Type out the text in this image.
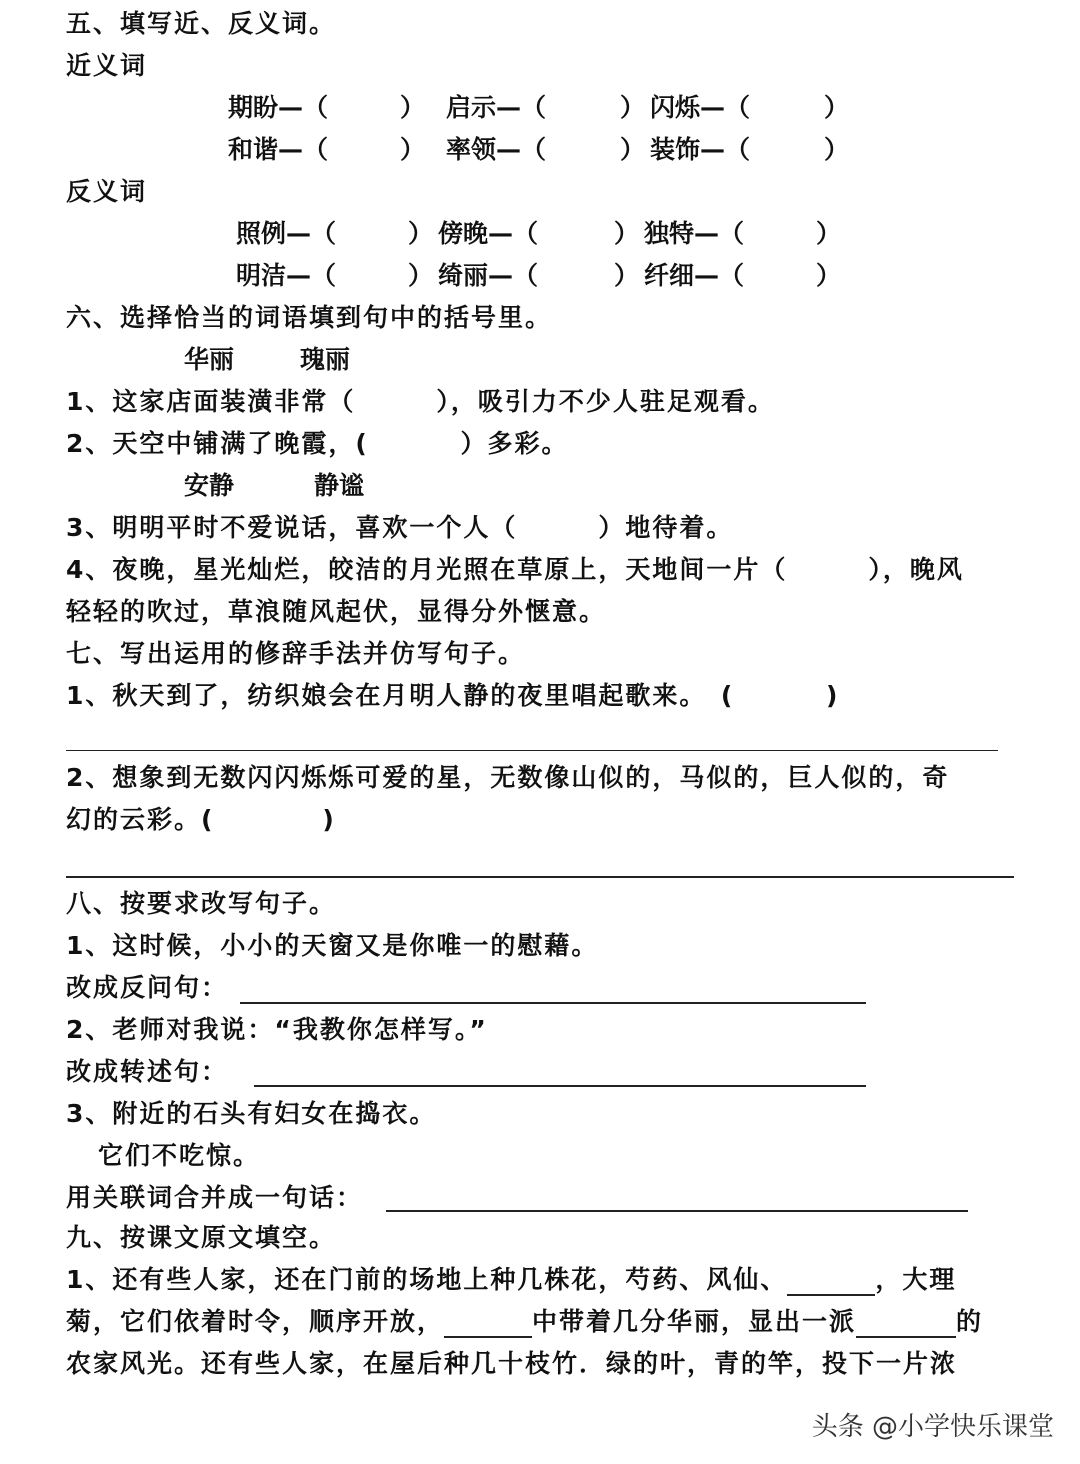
五、填写近、反义词。
近义词
期盼—（	） 启示—（	） 闪烁—（	）
和谐—（	） 率领—（	） 装饰—（	）
反义词
照例—（	） 傍晚—（	） 独特—（	）
明洁—（	） 绮丽—（	） 纤细—（	）
六、选择恰当的词语填到句中的括号里。
华丽	瑰丽
1、这家店面装潢非常（　　　），吸引力不少人驻足观看。
2、天空中铺满了晚霞，(　　　 ）多彩。
安静	静谧
3、明明平时不爱说话，喜欢一个人（　　　）地待着。
4、夜晚，星光灿烂，皎洁的月光照在草原上，天地间一片（　　　），晚风
轻轻的吹过，草浪随风起伏，显得分外惬意。
七、写出运用的修辞手法并仿写句子。
1、秋天到了，纺织娘会在月明人静的夜里唱起歌来。　(　　　 )
2、想象到无数闪闪烁烁可爱的星，无数像山似的，马似的，巨人似的，奇
幻的云彩。(　　　　)
八、按要求改写句子。
1、这时候，小小的天窗又是你唯一的慰藉。
改成反问句：
2、老师对我说：“我教你怎样写。”
改成转述句：
3、附近的石头有妇女在捣衣。
它们不吃惊。
用关联词合并成一句话：
九、按课文原文填空。
1、还有些人家，还在门前的场地上种几株花，芍药、风仙、	，大理
菊，它们依着时令，顺序开放，	中带着几分华丽，显出一派	的
农家风光。还有些人家，在屋后种几十枝竹．绿的叶，青的竿，投下一片浓
头条 @小学快乐课堂
